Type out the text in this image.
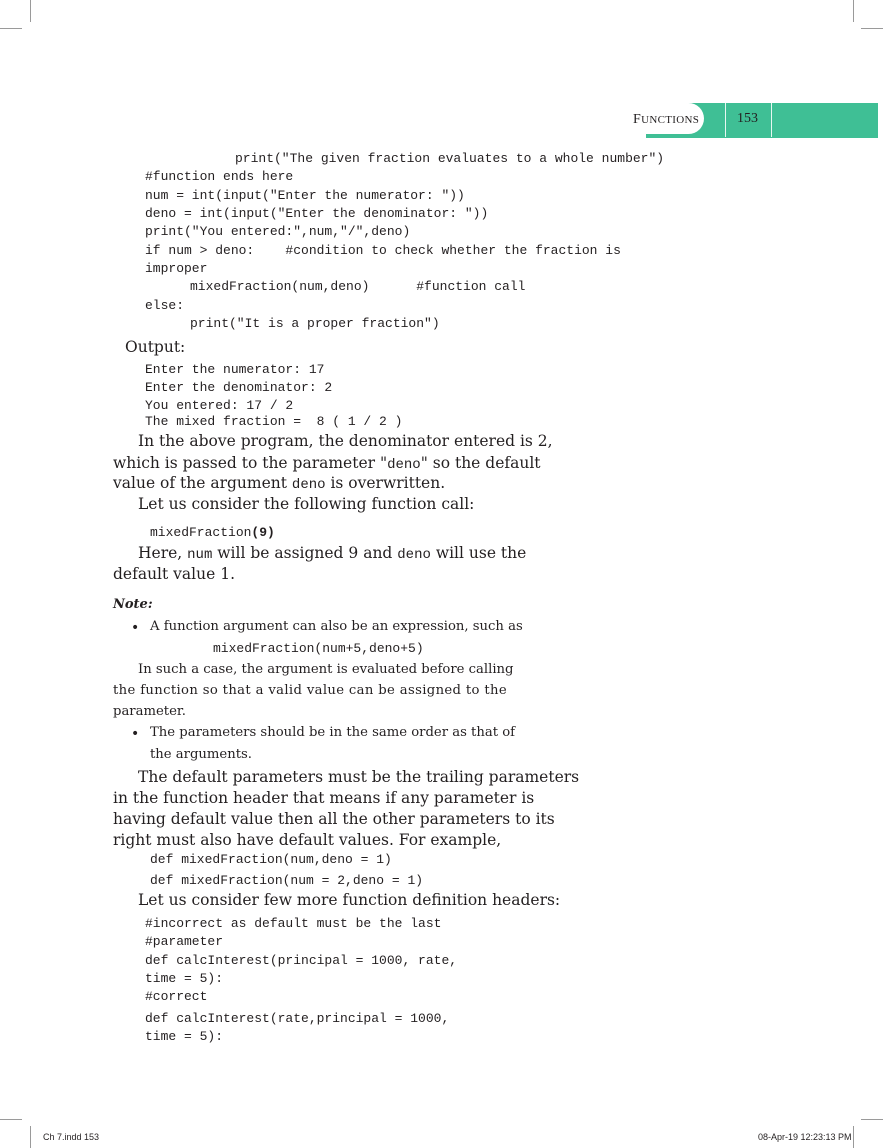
FUNCTIONS	153
print("The given fraction evaluates to a whole number")
#function ends here
num = int(input("Enter the numerator: "))
deno = int(input("Enter the denominator: "))
print("You entered:",num,"/",deno)
if num > deno:    #condition to check whether the fraction is
improper
mixedFraction(num,deno)      #function call
else:
print("It is a proper fraction")
Output:
Enter the numerator: 17
Enter the denominator: 2
You entered: 17 / 2
The mixed fraction =  8 ( 1 / 2 )
In the above program, the denominator entered is 2,
which is passed to the parameter "deno" so the default
value of the argument deno is overwritten.
Let us consider the following function call:
mixedFraction(9)
Here, num will be assigned 9 and deno will use the
default value 1.
Note:
• A function argument can also be an expression, such as
mixedFraction(num+5,deno+5)
In such a case, the argument is evaluated before calling
the function so that a valid value can be assigned to the
parameter.
• The parameters should be in the same order as that of
the arguments.
The default parameters must be the trailing parameters
in the function header that means if any parameter is
having default value then all the other parameters to its
right must also have default values. For example,
def mixedFraction(num,deno = 1)
def mixedFraction(num = 2,deno = 1)
Let us consider few more function definition headers:
#incorrect as default must be the last
#parameter
def calcInterest(principal = 1000, rate,
time = 5):
#correct
def calcInterest(rate,principal = 1000,
time = 5):
Ch 7.indd 153	08-Apr-19 12:23:13 PM
